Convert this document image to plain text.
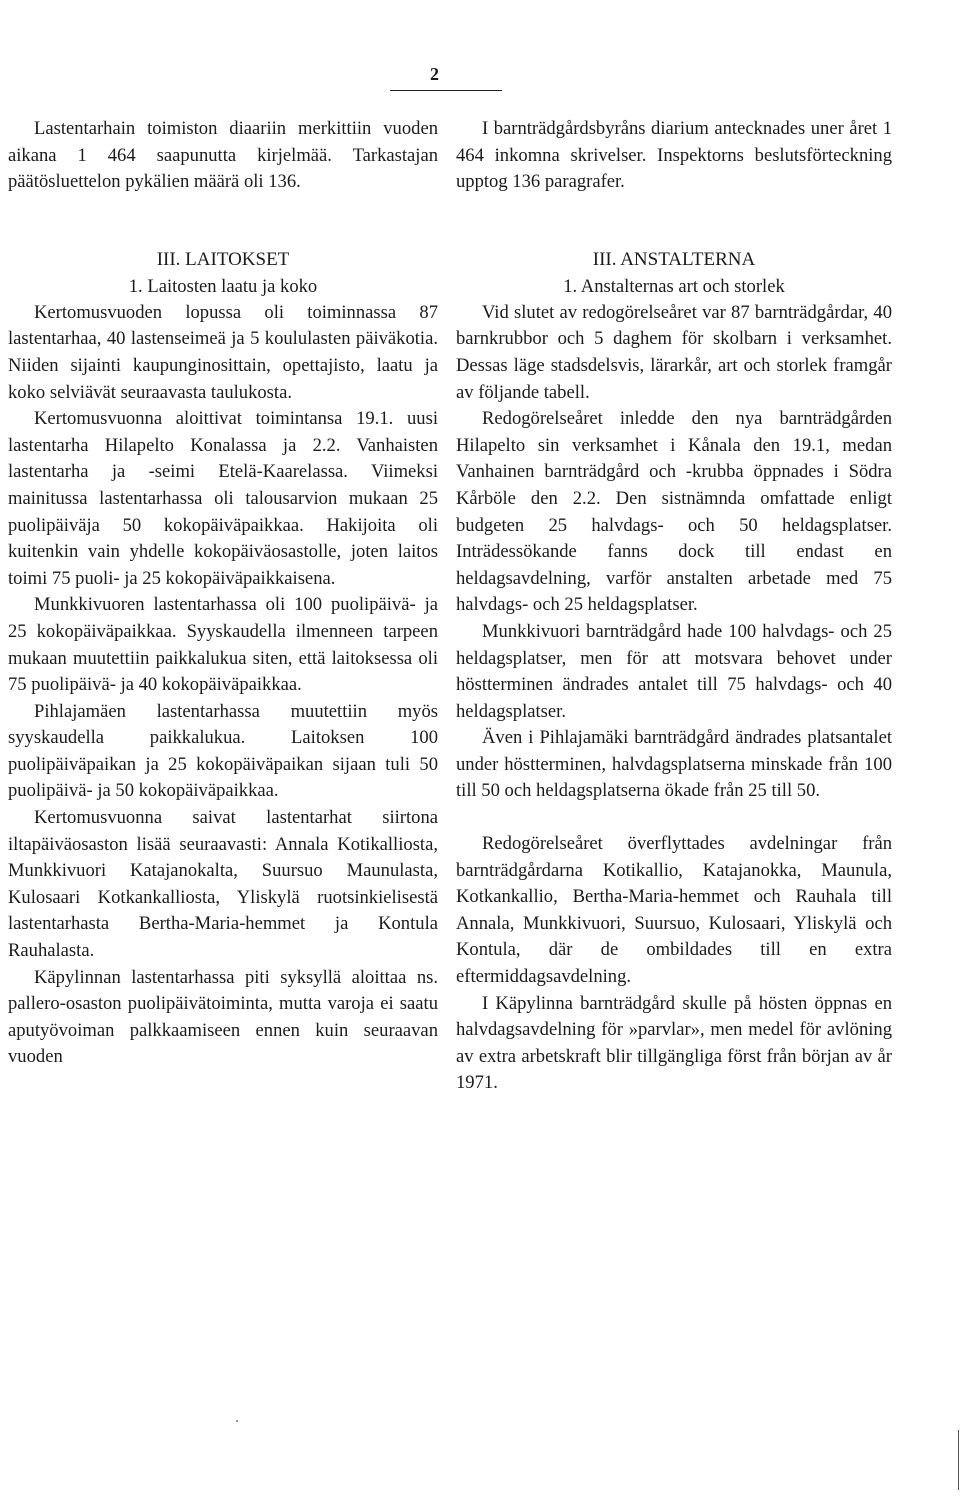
2

Lastentarhain toimiston diaariin merkittiin vuoden aikana 1 464 saapunutta kirjelmää. Tarkastajan päätösluettelon pykälien määrä oli 136.

III. LAITOKSET

1. Laitosten laatu ja koko

Kertomusvuoden lopussa oli toiminnassa 87 lastentarhaa, 40 lastenseimeä ja 5 koululasten päiväkotia. Niiden sijainti kaupunginosittain, opettajisto, laatu ja koko selviävät seuraavasta taulukosta.

Kertomusvuonna aloittivat toimintansa 19.1. uusi lastentarha Hilapelto Konalassa ja 2.2. Vanhaisten lastentarha ja -seimi Etelä-Kaarelassa. Viimeksi mainitussa lastentarhassa oli talousarvion mukaan 25 puolipäiväja 50 kokopäiväpaikkaa. Hakijoita oli kuitenkin vain yhdelle kokopäiväosastolle, joten laitos toimi 75 puoli- ja 25 kokopäiväpaikkaisena.

Munkkivuoren lastentarhassa oli 100 puolipäivä- ja 25 kokopäiväpaikkaa. Syyskaudella ilmenneen tarpeen mukaan muutettiin paikkalukua siten, että laitoksessa oli 75 puolipäivä- ja 40 kokopäiväpaikkaa.

Pihlajamäen lastentarhassa muutettiin myös syyskaudella paikkalukua. Laitoksen 100 puolipäiväpaikan ja 25 kokopäiväpaikan sijaan tuli 50 puolipäivä- ja 50 kokopäiväpaikkaa.

Kertomusvuonna saivat lastentarhat siirtona iltapäiväosaston lisää seuraavasti: Annala Kotikalliosta, Munkkivuori Katajanokalta, Suursuo Maunulasta, Kulosaari Kotkankalliosta, Yliskylä ruotsinkielisestä lastentarhasta Bertha-Maria-hemmet ja Kontula Rauhalasta.

Käpylinnan lastentarhassa piti syksyllä aloittaa ns. pallero-osaston puolipäivätoiminta, mutta varoja ei saatu aputyövoiman palkkaamiseen ennen kuin seuraavan vuoden

I barnträdgårdsbyråns diarium antecknades uner året 1 464 inkomna skrivelser. Inspektorns beslutsförteckning upptog 136 paragrafer.

III. ANSTALTERNA

1. Anstalternas art och storlek

Vid slutet av redogörelseåret var 87 barnträdgårdar, 40 barnkrubbor och 5 daghem för skolbarn i verksamhet. Dessas läge stadsdelsvis, lärarkår, art och storlek framgår av följande tabell.

Redogörelseåret inledde den nya barnträdgården Hilapelto sin verksamhet i Kånala den 19.1, medan Vanhainen barnträdgård och -krubba öppnades i Södra Kårböle den 2.2. Den sistnämnda omfattade enligt budgeten 25 halvdags- och 50 heldagsplatser. Inträdessökande fanns dock till endast en heldagsavdelning, varför anstalten arbetade med 75 halvdags- och 25 heldagsplatser.

Munkkivuori barnträdgård hade 100 halvdags- och 25 heldagsplatser, men för att motsvara behovet under höstterminen ändrades antalet till 75 halvdags- och 40 heldagsplatser.

Även i Pihlajamäki barnträdgård ändrades platsantalet under höstterminen, halvdagsplatserna minskade från 100 till 50 och heldagsplatserna ökade från 25 till 50.

Redogörelseåret överflyttades avdelningar från barnträdgårdarna Kotikallio, Katajanokka, Maunula, Kotkankallio, Bertha-Maria-hemmet och Rauhala till Annala, Munkkivuori, Suursuo, Kulosaari, Yliskylä och Kontula, där de ombildades till en extra eftermiddagsavdelning.

I Käpylinna barnträdgård skulle på hösten öppnas en halvdagsavdelning för »parvlar», men medel för avlöning av extra arbetskraft blir tillgängliga först från början av år 1971.
